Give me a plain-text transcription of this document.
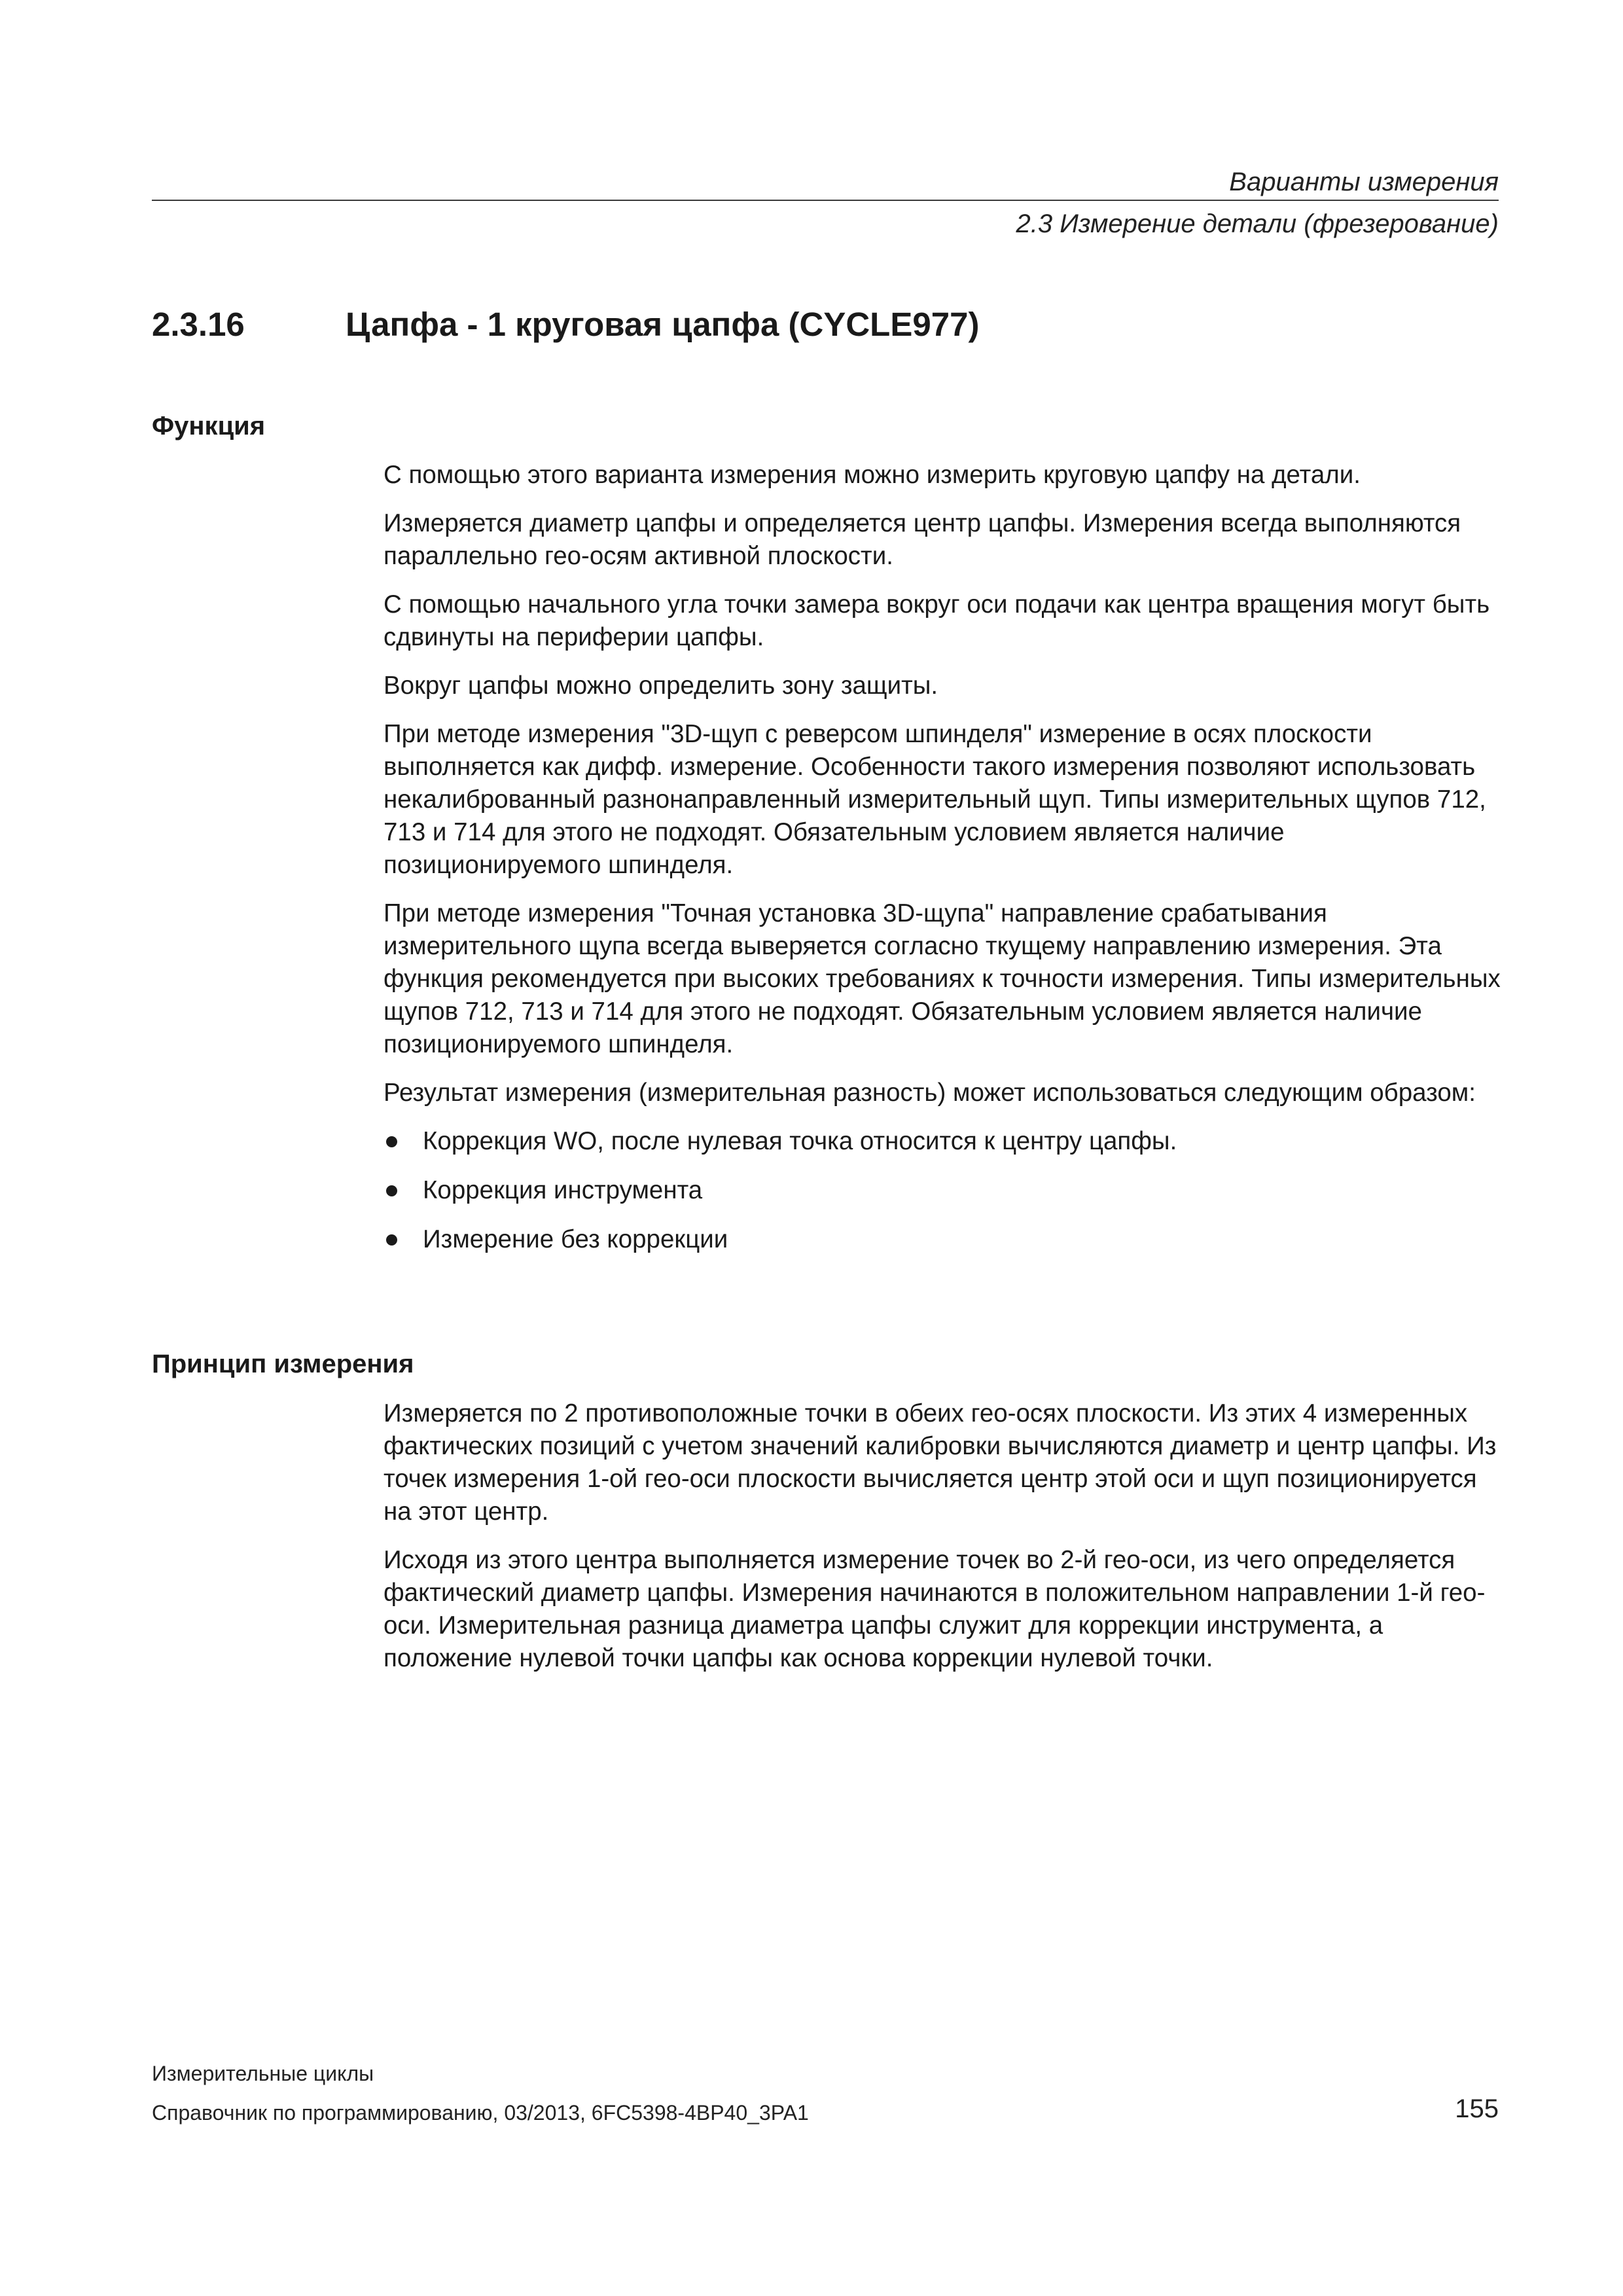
Варианты измерения
2.3 Измерение детали (фрезерование)
2.3.16	Цапфа - 1 круговая цапфа (CYCLE977)
Функция

С помощью этого варианта измерения можно измерить круговую цапфу на детали.

Измеряется диаметр цапфы и определяется центр цапфы. Измерения всегда выполняются параллельно гео-осям активной плоскости.

С помощью начального угла точки замера вокруг оси подачи как центра вращения могут быть сдвинуты на периферии цапфы.

Вокруг цапфы можно определить зону защиты.

При методе измерения "3D-щуп с реверсом шпинделя" измерение в осях плоскости выполняется как дифф. измерение. Особенности такого измерения позволяют использовать некалиброванный разнонаправленный измерительный щуп. Типы измерительных щупов 712, 713 и 714 для этого не подходят. Обязательным условием является наличие позиционируемого шпинделя.

При методе измерения "Точная установка 3D-щупа" направление срабатывания измерительного щупа всегда выверяется согласно ткущему направлению измерения. Эта функция рекомендуется при высоких требованиях к точности измерения. Типы измерительных щупов 712, 713 и 714 для этого не подходят. Обязательным условием является наличие позиционируемого шпинделя.

Результат измерения (измерительная разность) может использоваться следующим образом:

Коррекция WO, после нулевая точка относится к центру цапфы.
Коррекция инструмента
Измерение без коррекции
Принцип измерения

Измеряется по 2 противоположные точки в обеих гео-осях плоскости. Из этих 4 измеренных фактических позиций с учетом значений калибровки вычисляются диаметр и центр цапфы. Из точек измерения 1-ой гео-оси плоскости вычисляется центр этой оси и щуп позиционируется на этот центр.

Исходя из этого центра выполняется измерение точек во 2-й гео-оси, из чего определяется фактический диаметр цапфы. Измерения начинаются в положительном направлении 1-й гео-оси. Измерительная разница диаметра цапфы служит для коррекции инструмента, а положение нулевой точки цапфы как основа коррекции нулевой точки.

Измерительные циклы
Справочник по программированию, 03/2013, 6FC5398-4BP40_3PA1	155
